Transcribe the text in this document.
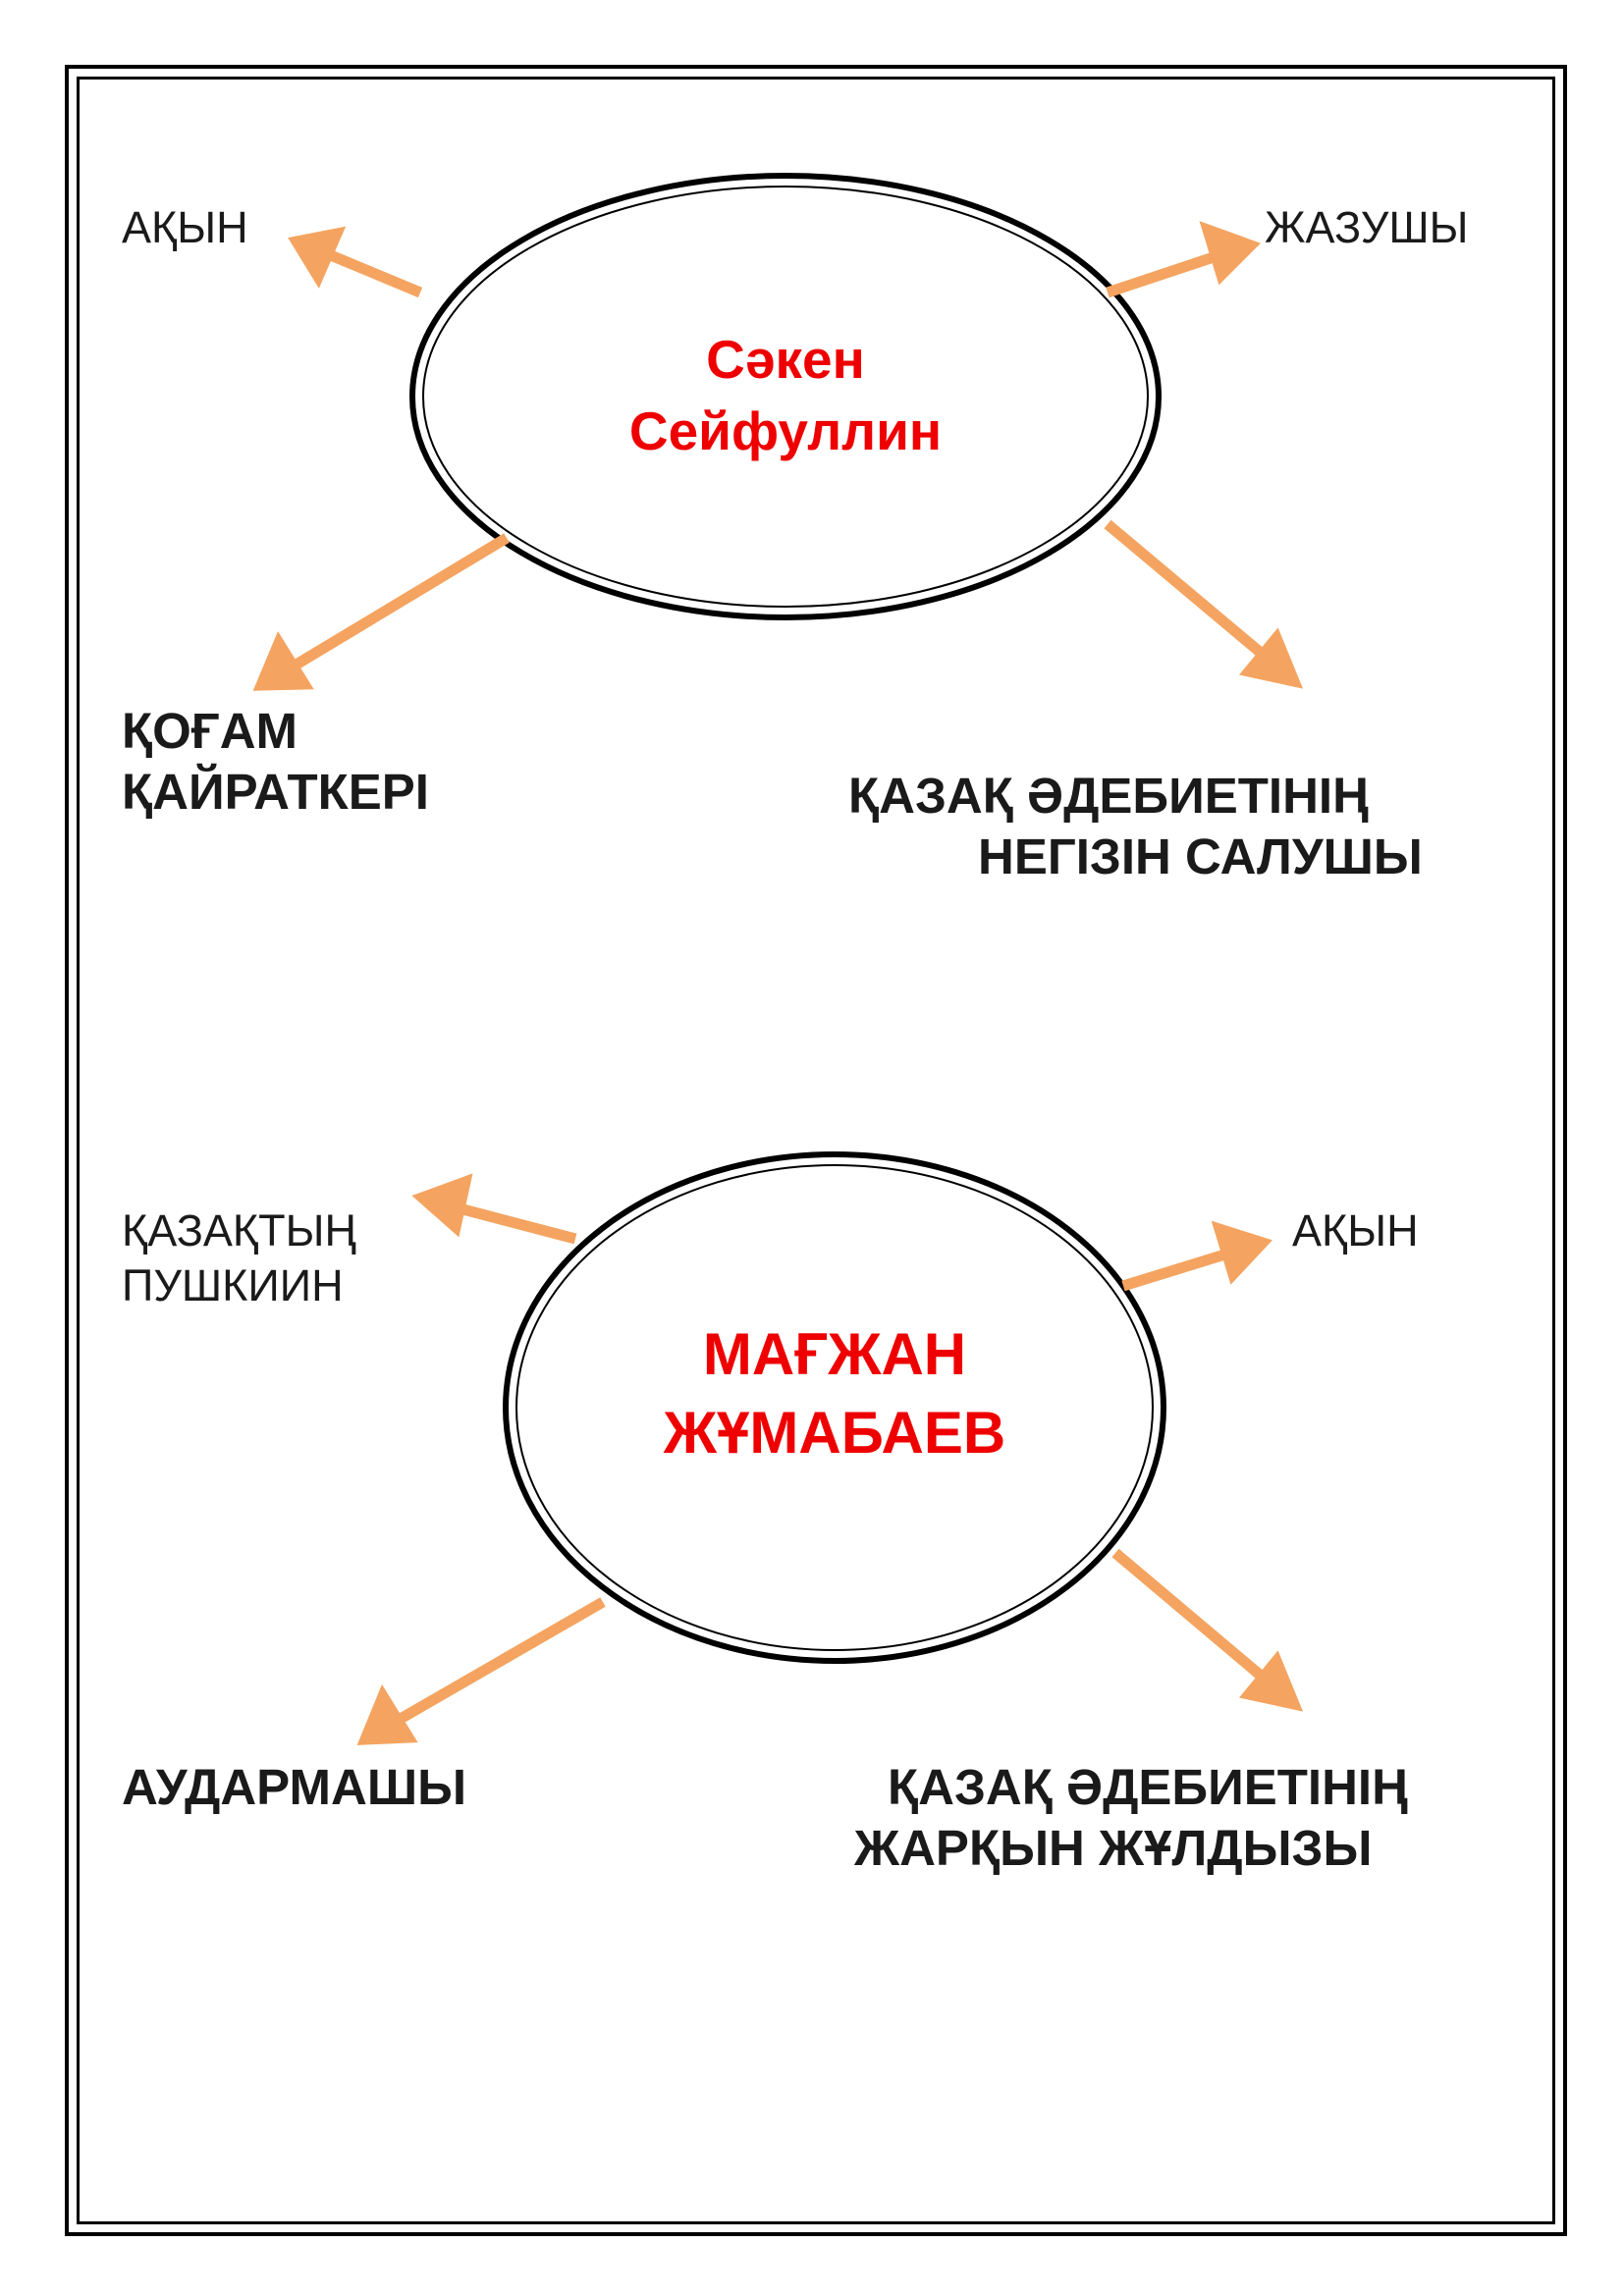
Сәкен
Сейфуллин
АҚЫН	ЖАЗУШЫ
ҚОҒАМ
ҚАЙРАТКЕРІ	ҚАЗАҚ ӘДЕБИЕТІНІҢ
НЕГІЗІН САЛУШЫ
МАҒЖАН
ЖҰМАБАЕВ
ҚАЗАҚТЫҢ
ПУШКИИН
АҚЫН
АУДАРМАШЫ	ҚАЗАҚ ӘДЕБИЕТІНІҢ
ЖАРҚЫН ЖҰЛДЫЗЫ
